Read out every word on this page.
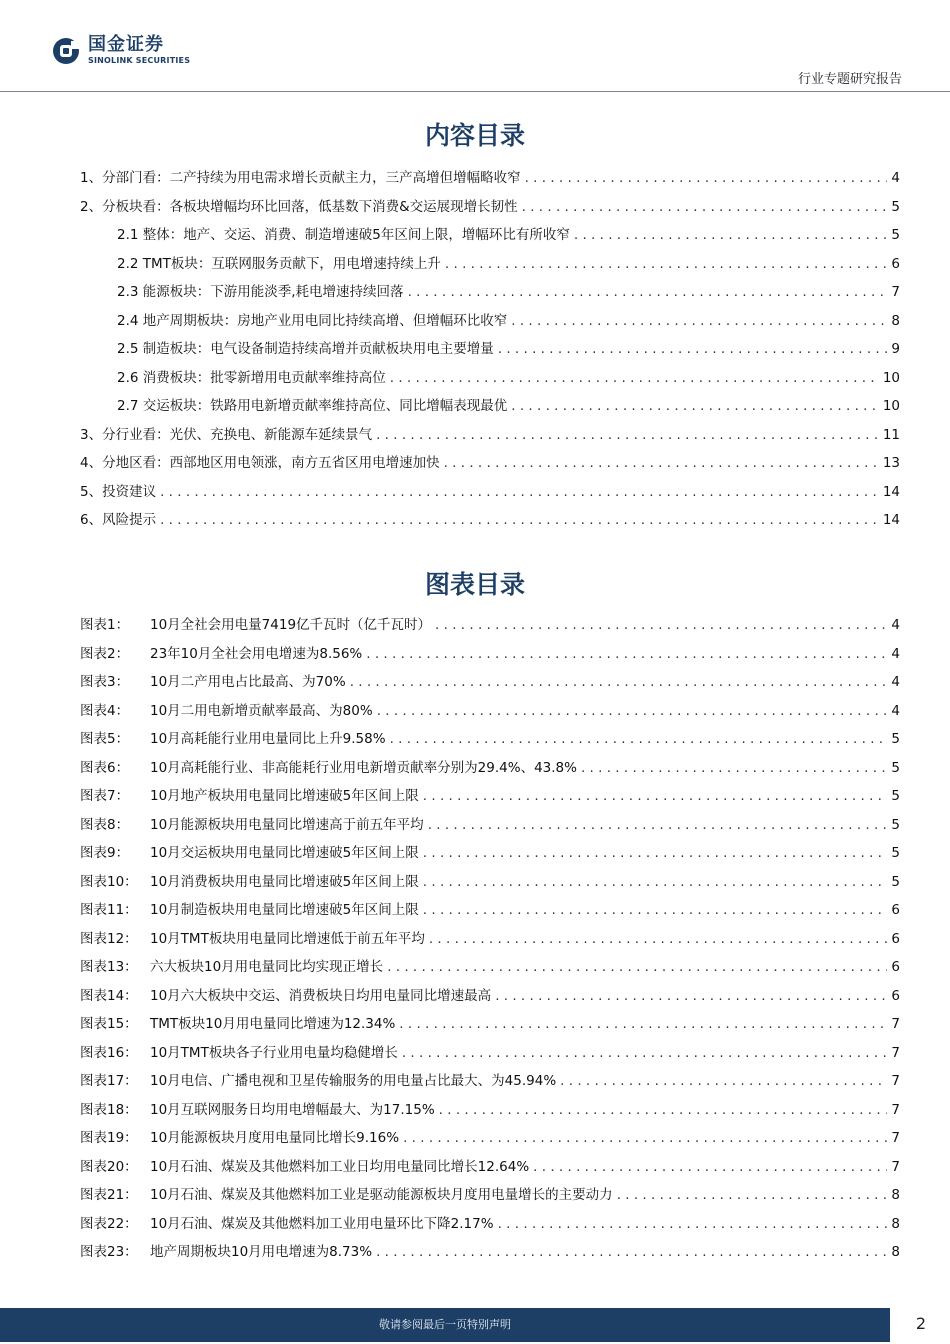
国金证券
SINOLINK SECURITIES
行业专题研究报告
内容目录
1、分部门看：二产持续为用电需求增长贡献主力，三产高增但增幅略收窄 . . .	4
2、分板块看：各板块增幅均环比回落，低基数下消费&交运展现增长韧性 . . .	5
2.1 整体：地产、交运、消费、制造增速破5年区间上限，增幅环比有所收窄 . . .	5
2.2 TMT板块：互联网服务贡献下，用电增速持续上升 . . .	6
2.3 能源板块：下游用能淡季,耗电增速持续回落 . . .	7
2.4 地产周期板块：房地产业用电同比持续高增、但增幅环比收窄 . . .	8
2.5 制造板块：电气设备制造持续高增并贡献板块用电主要增量 . . .	9
2.6 消费板块：批零新增用电贡献率维持高位 . . .	10
2.7 交运板块：铁路用电新增贡献率维持高位、同比增幅表现最优 . . .	10
3、分行业看：光伏、充换电、新能源车延续景气 . . .	11
4、分地区看：西部地区用电领涨，南方五省区用电增速加快 . . .	13
5、投资建议 . . .	14
6、风险提示 . . .	14
图表目录
图表1： 10月全社会用电量7419亿千瓦时（亿千瓦时） . . .	4
图表2： 23年10月全社会用电增速为8.56% . . .	4
图表3： 10月二产用电占比最高、为70% . . .	4
图表4： 10月二用电新增贡献率最高、为80% . . .	4
图表5： 10月高耗能行业用电量同比上升9.58% . . .	5
图表6： 10月高耗能行业、非高能耗行业用电新增贡献率分别为29.4%、43.8% . . .	5
图表7： 10月地产板块用电量同比增速破5年区间上限 . . .	5
图表8： 10月能源板块用电量同比增速高于前五年平均 . . .	5
图表9： 10月交运板块用电量同比增速破5年区间上限 . . .	5
图表10： 10月消费板块用电量同比增速破5年区间上限 . . .	5
图表11： 10月制造板块用电量同比增速破5年区间上限 . . .	6
图表12： 10月TMT板块用电量同比增速低于前五年平均 . . .	6
图表13： 六大板块10月用电量同比均实现正增长 . . .	6
图表14： 10月六大板块中交运、消费板块日均用电量同比增速最高 . . .	6
图表15： TMT板块10月用电量同比增速为12.34% . . .	7
图表16： 10月TMT板块各子行业用电量均稳健增长 . . .	7
图表17： 10月电信、广播电视和卫星传输服务的用电量占比最大、为45.94% . . .	7
图表18： 10月互联网服务日均用电增幅最大、为17.15% . . .	7
图表19： 10月能源板块月度用电量同比增长9.16% . . .	7
图表20： 10月石油、煤炭及其他燃料加工业日均用电量同比增长12.64% . . .	7
图表21： 10月石油、煤炭及其他燃料加工业是驱动能源板块月度用电量增长的主要动力 . . .	8
图表22： 10月石油、煤炭及其他燃料加工业用电量环比下降2.17% . . .	8
图表23： 地产周期板块10月用电增速为8.73% . . .	8
敬请参阅最后一页特别声明	2
